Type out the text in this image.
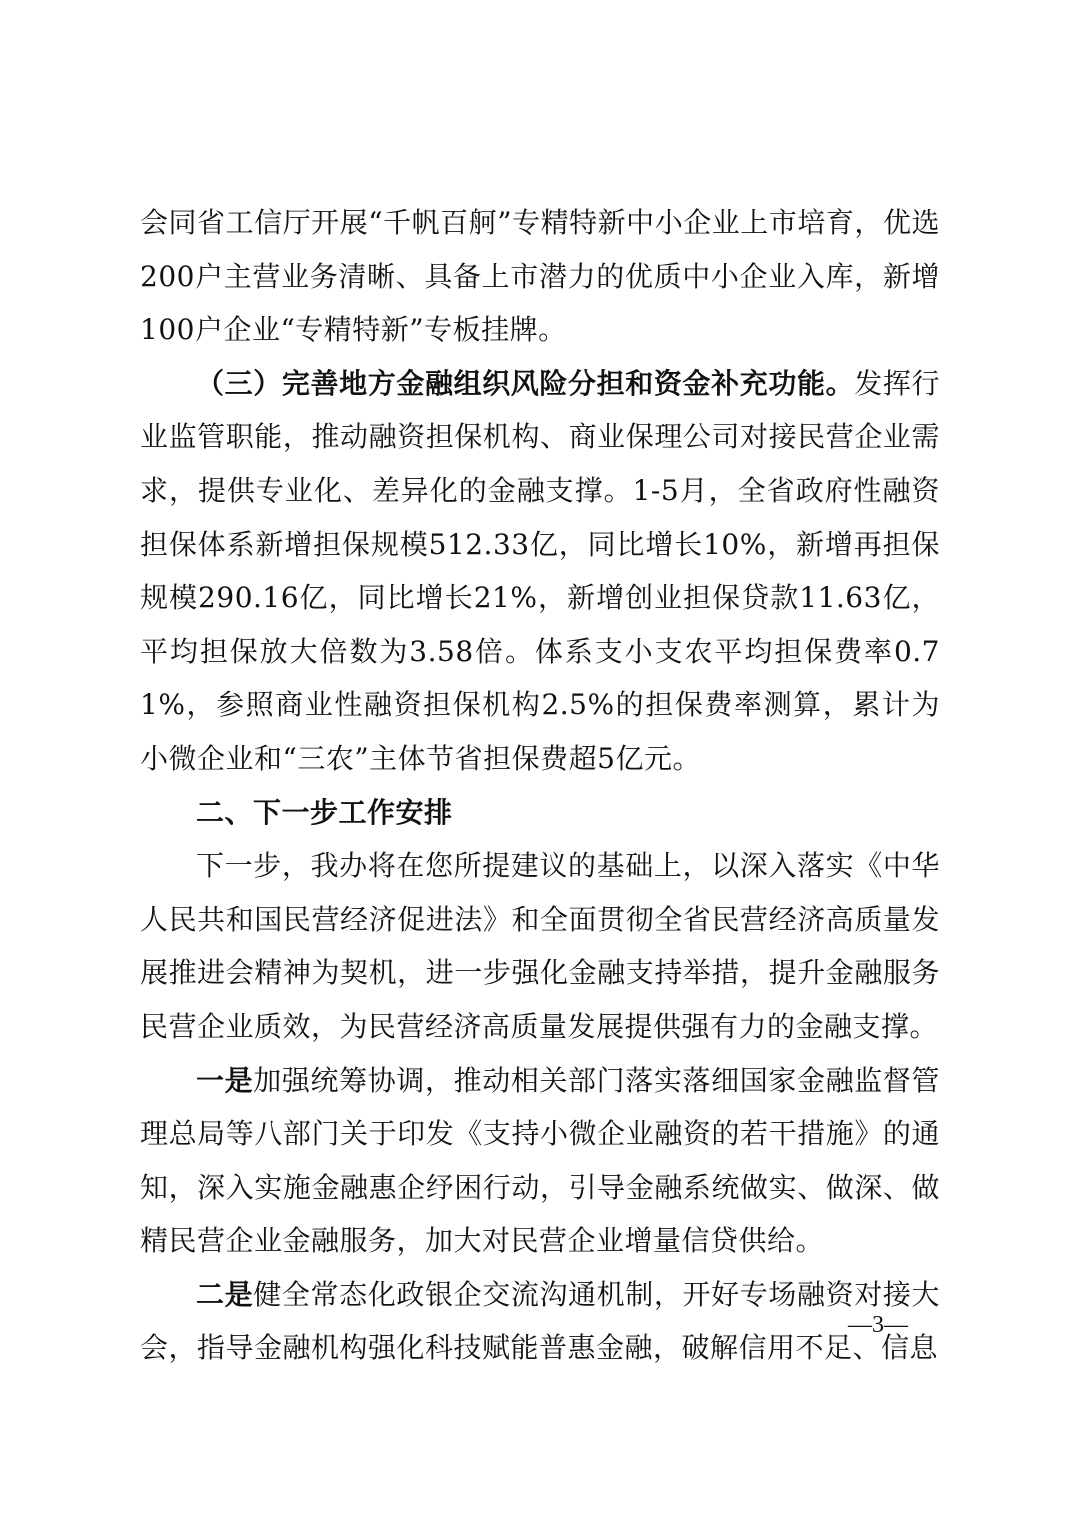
会同省工信厅开展“千帆百舸”专精特新中小企业上市培育，优选200户主营业务清晰、具备上市潜力的优质中小企业入库，新增100户企业“专精特新”专板挂牌。

（三）完善地方金融组织风险分担和资金补充功能。发挥行业监管职能，推动融资担保机构、商业保理公司对接民营企业需求，提供专业化、差异化的金融支撑。1-5月，全省政府性融资担保体系新增担保规模512.33亿，同比增长10%，新增再担保规模290.16亿，同比增长21%，新增创业担保贷款11.63亿，平均担保放大倍数为3.58倍。体系支小支农平均担保费率0.71%，参照商业性融资担保机构2.5%的担保费率测算，累计为小微企业和“三农”主体节省担保费超5亿元。

二、下一步工作安排

下一步，我办将在您所提建议的基础上，以深入落实《中华人民共和国民营经济促进法》和全面贯彻全省民营经济高质量发展推进会精神为契机，进一步强化金融支持举措，提升金融服务民营企业质效，为民营经济高质量发展提供强有力的金融支撑。

一是加强统筹协调，推动相关部门落实落细国家金融监督管理总局等八部门关于印发《支持小微企业融资的若干措施》的通知，深入实施金融惠企纾困行动，引导金融系统做实、做深、做精民营企业金融服务，加大对民营企业增量信贷供给。

二是健全常态化政银企交流沟通机制，开好专场融资对接大会，指导金融机构强化科技赋能普惠金融，破解信用不足、信息

—3—
